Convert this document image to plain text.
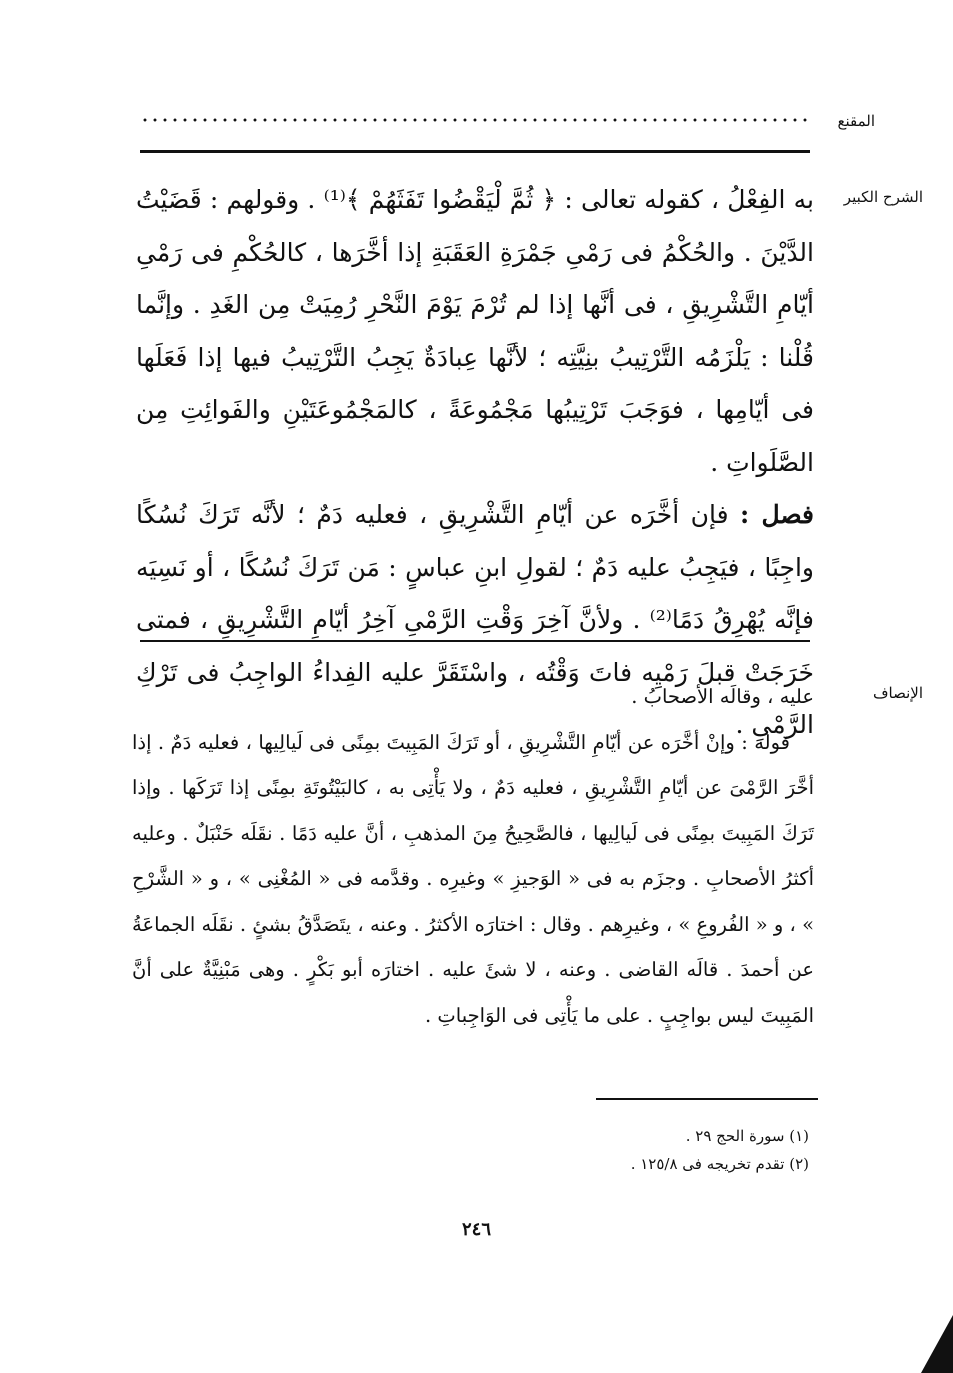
المقنع
الشرح الكبير

به الفِعْلُ ، كقوله تعالى : ﴿ ثُمَّ لْيَقْضُوا تَفَثَهُمْ ﴾⁽¹⁾ . وقولهم : قَضَيْتُ الدَّيْنَ . والحُكْمُ فى رَمْىِ جَمْرَةِ العَقَبَةِ إذا أخَّرَها ، كالحُكْمِ فى رَمْىِ أيّامِ التَّشْرِيقِ ، فى أنَّها إذا لم تُرْمَ يَوْمَ النَّحْرِ رُمِيَتْ مِن الغَدِ . وإنَّما قُلْنا : يَلْزَمُه التَّرْتِيبُ بنِيَّتِه ؛ لأنَّها عِبادَةٌ يَجِبُ التَّرْتِيبُ فيها إذا فَعَلَها فى أيّامِها ، فوَجَبَ تَرْتِيبُها مَجْمُوعَةً ، كالمَجْمُوعَتَيْنِ والفَوائِتِ مِن الصَّلَواتِ .

فصل : فإن أخَّرَه عن أيّامِ التَّشْرِيقِ ، فعليه دَمٌ ؛ لأنَّه تَرَكَ نُسُكًا واجِبًا ، فيَجِبُ عليه دَمٌ ؛ لقولِ ابنِ عباسٍ : مَن تَرَكَ نُسُكًا ، أو نَسِيَه فإنَّه يُهْرِقُ دَمًا⁽²⁾ . ولأنَّ آخِرَ وَقْتِ الرَّمْىِ آخِرُ أيّامِ التَّشْرِيقِ ، فمتى خَرَجَتْ قبلَ رَمْيِه فاتَ وَقْتُه ، واسْتَقَرَّ عليه الفِداءُ الواجِبُ فى تَرْكِ الرَّمْىِ .

الإنصاف

عليه ، وقالَه الأصحابُ .

قوله : وإنْ أخَّرَه عن أيّامِ التَّشْرِيقِ ، أو تَرَكَ المَبِيتَ بمِنًى فى لَيالِيها ، فعليه دَمٌ . إذا أخَّرَ الرَّمْىَ عن أيّامِ التَّشْرِيقِ ، فعليه دَمٌ ، ولا يَأْتِى به ، كالبَيْتُوتَةِ بمِنًى إذا تَرَكَها . وإذا تَرَكَ المَبِيتَ بمِنًى فى لَيالِيها ، فالصَّحِيحُ مِنَ المذهبِ ، أنَّ عليه دَمًا . نقَلَه حَنْبَلٌ . وعليه أكثرُ الأصحابِ . وجزَم به فى « الوَجيزِ » وغيرِه . وقدَّمه فى « المُغْنِى » ، و « الشَّرْحِ » ، و « الفُروعِ » ، وغيرِهم . وقال : اختارَه الأكثرُ . وعنه ، يتَصَدَّقُ بشئٍ . نقَلَه الجماعَةُ عن أحمدَ . قالَه القاضى . وعنه ، لا شئَ عليه . اختارَه أبو بَكْرٍ . وهى مَبْنِيَّةٌ على أنَّ المَبِيتَ ليس بواجِبٍ . على ما يَأْتِى فى الوَاجِباتِ .

(١) سورة الحج ٢٩ .
(٢) تقدم تخريجه فى ١٢٥/٨ .
٢٤٦
